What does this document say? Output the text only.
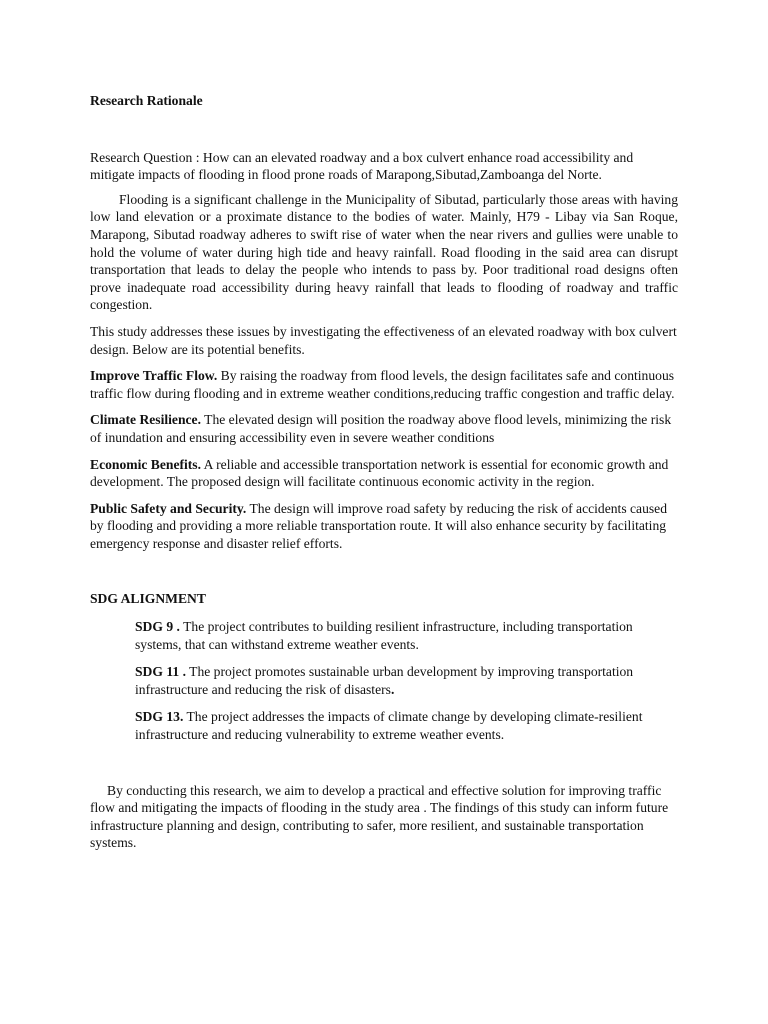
Research Rationale

Research Question : How can an elevated roadway and a box culvert enhance road accessibility and mitigate impacts of flooding in flood prone roads of Marapong,Sibutad,Zamboanga del Norte.

Flooding is a significant challenge in the Municipality of Sibutad, particularly those areas with having low land elevation or a proximate distance to the bodies of water. Mainly, H79 - Libay via San Roque, Marapong, Sibutad roadway adheres to swift rise of water when the near rivers and gullies were unable to hold the volume of water during high tide and heavy rainfall. Road flooding in the said area can disrupt transportation that leads to delay the people who intends to pass by. Poor traditional road designs often prove inadequate road accessibility during heavy rainfall that leads to flooding of roadway and traffic congestion.

This study addresses these issues by investigating the effectiveness of an elevated roadway with box culvert design. Below are its potential benefits.

Improve Traffic Flow. By raising the roadway from flood levels, the design facilitates safe and continuous traffic flow during flooding and in extreme weather conditions,reducing traffic congestion and traffic delay.

Climate Resilience. The elevated design will position the roadway above flood levels, minimizing the risk of inundation and ensuring accessibility even in severe weather conditions

Economic Benefits. A reliable and accessible transportation network is essential for economic growth and development. The proposed design will facilitate continuous economic activity in the region.

Public Safety and Security. The design will improve road safety by reducing the risk of accidents caused by flooding and providing a more reliable transportation route. It will also enhance security by facilitating emergency response and disaster relief efforts.

SDG ALIGNMENT

SDG 9 . The project contributes to building resilient infrastructure, including transportation systems, that can withstand extreme weather events.

SDG 11 . The project promotes sustainable urban development by improving transportation infrastructure and reducing the risk of disasters.

SDG 13. The project addresses the impacts of climate change by developing climate-resilient infrastructure and reducing vulnerability to extreme weather events.

By conducting this research, we aim to develop a practical and effective solution for improving traffic flow and mitigating the impacts of flooding in the study area . The findings of this study can inform future infrastructure planning and design, contributing to safer, more resilient, and sustainable transportation systems.
